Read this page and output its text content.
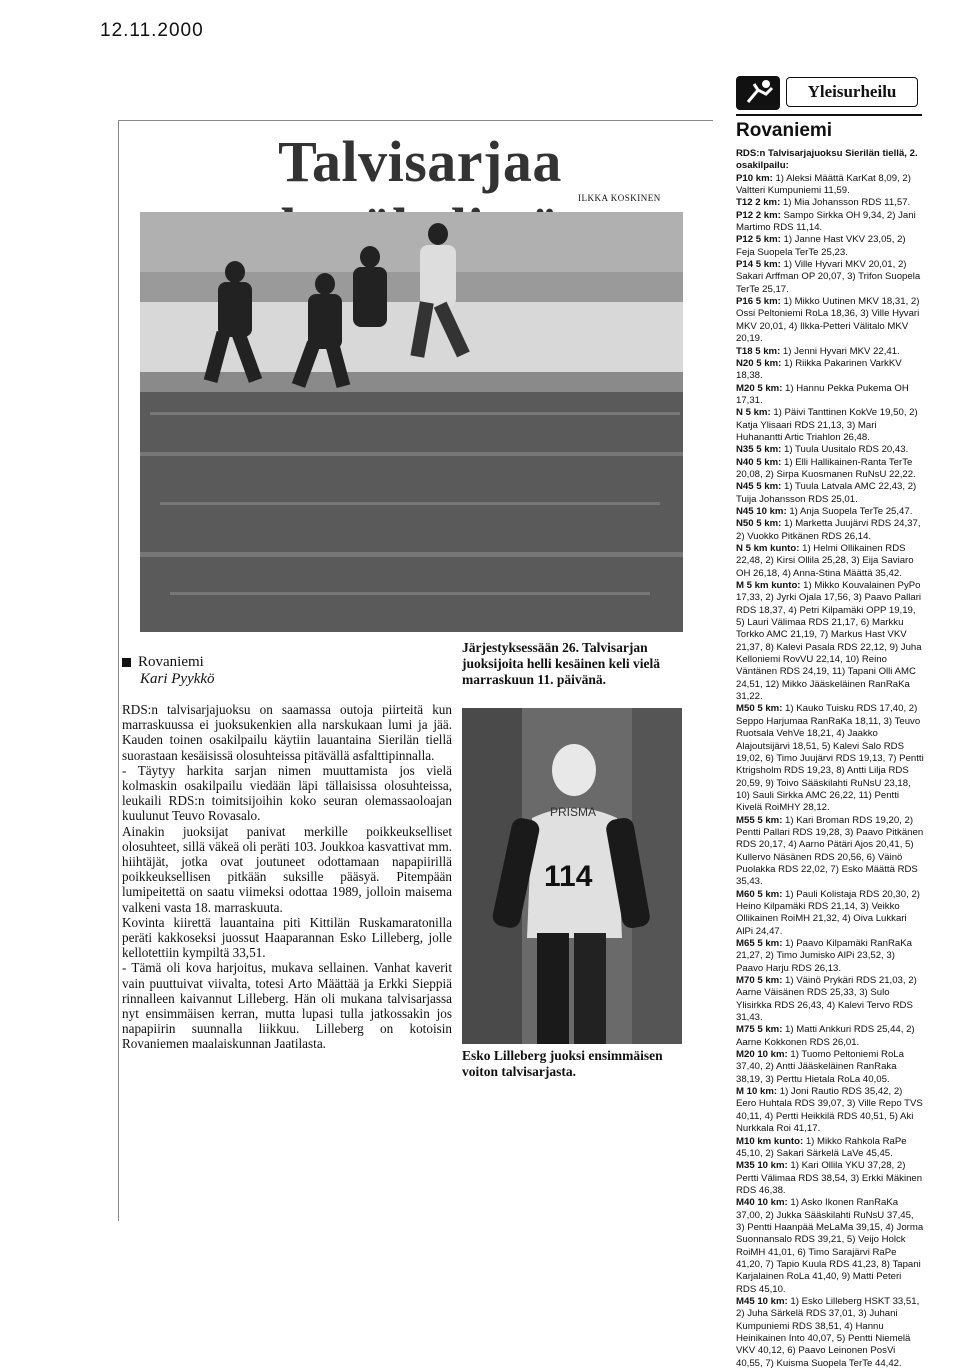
12.11.2000
Talvisarjaa
ILKKA KOSKINEN
Rovaniemi
Kari Pyykkö

RDS:n talvisarjajuoksu on saamassa outoja piirteitä kun marraskuussa ei juoksukenkien alla narskukaan lumi ja jää. Kauden toinen osakilpailu käytiin lauantaina Sierilän tiellä suorastaan kesäisissä olosuhteissa pitävällä asfalttipinnalla.

- Täytyy harkita sarjan nimen muuttamista jos vielä kolmaskin osakilpailu viedään läpi tällaisissa olosuhteissa, leukaili RDS:n toimitsijoihin koko seuran olemassaoloajan kuulunut Teuvo Rovasalo.

Ainakin juoksijat panivat merkille poikkeukselliset olosuhteet, sillä väkeä oli peräti 103. Joukkoa kasvattivat mm. hiihtäjät, jotka ovat joutuneet odottamaan napapiirillä poikkeuksellisen pitkään suksille pääsyä. Pitempään lumipeitettä on saatu viimeksi odottaa 1989, jolloin maisema valkeni vasta 18. marraskuuta.

Kovinta kiirettä lauantaina piti Kittilän Ruskamaratonilla peräti kakkoseksi juossut Haaparannan Esko Lilleberg, jolle kellotettiin kympiltä 33,51.

- Tämä oli kova harjoitus, mukava sellainen. Vanhat kaverit vain puuttuivat viivalta, totesi Arto Määttää ja Erkki Sieppiä rinnalleen kaivannut Lilleberg. Hän oli mukana talvisarjassa nyt ensimmäisen kerran, mutta lupasi tulla jatkossakin jos napapiirin suunnalla liikkuu. Lilleberg on kotoisin Rovaniemen maalaiskunnan Jaatilasta.

Järjestyksessään 26. Talvisarjan juoksijoita helli kesäinen keli vielä marraskuun 11. päivänä.
PRISMA
114
Esko Lilleberg juoksi ensimmäisen voiton talvisarjasta.
Yleisurheilu
Rovaniemi

RDS:n Talvisarjajuoksu Sierilän tiellä, 2. osakilpailu:

P10 km: 1) Aleksi Määttä KarKat 8,09, 2) Valtteri Kumpuniemi 11,59.

T12 2 km: 1) Mia Johansson RDS 11,57.

P12 2 km: Sampo Sirkka OH 9,34, 2) Jani Martimo RDS 11,14.

P12 5 km: 1) Janne Hast VKV 23,05, 2) Feja Suopela TerTe 25,23.

P14 5 km: 1) Ville Hyvari MKV 20,01, 2) Sakari Arffman OP 20,07, 3) Trifon Suopela TerTe 25,17.

P16 5 km: 1) Mikko Uutinen MKV 18,31, 2) Ossi Peltoniemi RoLa 18,36, 3) Ville Hyvari MKV 20,01, 4) Ilkka-Petteri Välitalo MKV 20,19.

T18 5 km: 1) Jenni Hyvari MKV 22,41.

N20 5 km: 1) Riikka Pakarinen VarkKV 18,38.

M20 5 km: 1) Hannu Pekka Pukema OH 17,31.

N 5 km: 1) Päivi Tanttinen KokVe 19,50, 2) Katja Ylisaari RDS 21,13, 3) Mari Huhanantti Artic Triahlon 26,48.

N35 5 km: 1) Tuula Uusitalo RDS 20,43.

N40 5 km: 1) Elli Hallikainen-Ranta TerTe 20,08, 2) Sirpa Kuosmanen RuNsU 22,22.

N45 5 km: 1) Tuula Latvala AMC 22,43, 2) Tuija Johansson RDS 25,01.

N45 10 km: 1) Anja Suopela TerTe 25,47.

N50 5 km: 1) Marketta Juujärvi RDS 24,37, 2) Vuokko Pitkänen RDS 26,14.

N 5 km kunto: 1) Helmi Ollikainen RDS 22,48, 2) Kirsi Ollila 25,28, 3) Eija Saviaro OH 26,18, 4) Anna-Stina Määttä 35,42.

M 5 km kunto: 1) Mikko Kouvalainen PyPo 17,33, 2) Jyrki Ojala 17,56, 3) Paavo Pallari RDS 18,37, 4) Petri Kilpamäki OPP 19,19, 5) Lauri Välimaa RDS 21,17, 6) Markku Torkko AMC 21,19, 7) Markus Hast VKV 21,37, 8) Kalevi Pasala RDS 22,12, 9) Juha Kelloniemi RovVU 22,14, 10) Reino Väntänen RDS 24,19, 11) Tapani Olli AMC 24,51, 12) Mikko Jääskeläinen RanRaKa 31,22.

M50 5 km: 1) Kauko Tuisku RDS 17,40, 2) Seppo Harjumaa RanRaKa 18,11, 3) Teuvo Ruotsala VehVe 18,21, 4) Jaakko Alajoutsijärvi 18,51, 5) Kalevi Salo RDS 19,02, 6) Timo Juujärvi RDS 19,13, 7) Pentti Ktrigsholm RDS 19,23, 8) Antti Lilja RDS 20,59, 9) Toivo Sääskilahti RuNsU 23,18, 10) Sauli Sirkka AMC 26,22, 11) Pentti Kivelä RoiMHY 28,12.

M55 5 km: 1) Kari Broman RDS 19,20, 2) Pentti Pallari RDS 19,28, 3) Paavo Pitkänen RDS 20,17, 4) Aarno Pätäri Ajos 20,41, 5) Kullervo Näsänen RDS 20,56, 6) Väinö Puolakka RDS 22,02, 7) Esko Määttä RDS 35,43.

M60 5 km: 1) Pauli Kolistaja RDS 20,30, 2) Heino Kilpamäki RDS 21,14, 3) Veikko Ollikainen RoiMH 21,32, 4) Oiva Lukkari AlPi 24,47.

M65 5 km: 1) Paavo Kilpamäki RanRaKa 21,27, 2) Timo Jumisko AlPi 23,52, 3) Paavo Harju RDS 26,13.

M70 5 km: 1) Väinö Prykäri RDS 21,03, 2) Aarne Väisänen RDS 25,33, 3) Sulo Ylisirkka RDS 26,43, 4) Kalevi Tervo RDS 31,43.

M75 5 km: 1) Matti Ankkuri RDS 25,44, 2) Aarne Kokkonen RDS 26,01.

M20 10 km: 1) Tuomo Peltoniemi RoLa 37,40, 2) Antti Jääskeläinen RanRaka 38,19, 3) Perttu Hietala RoLa 40,05.

M 10 km: 1) Joni Rautio RDS 35,42, 2) Eero Huhtala RDS 39,07, 3) Ville Repo TVS 40,11, 4) Pertti Heikkilä RDS 40,51, 5) Aki Nurkkala Roi 41,17.

M10 km kunto: 1) Mikko Rahkola RaPe 45,10, 2) Sakari Särkelä LaVe 45,45.

M35 10 km: 1) Kari Ollila YKU 37,28, 2) Pertti Välimaa RDS 38,54, 3) Erkki Mäkinen RDS 46,38.

M40 10 km: 1) Asko Ikonen RanRaKa 37,00, 2) Jukka Sääskilahti RuNsU 37,45, 3) Pentti Haanpää MeLaMa 39,15, 4) Jorma Suonnansalo RDS 39,21, 5) Veijo Holck RoiMH 41,01, 6) Timo Sarajärvi RaPe 41,20, 7) Tapio Kuula RDS 41,23, 8) Tapani Karjalainen RoLa 41,40, 9) Matti Peteri RDS 45,10.

M45 10 km: 1) Esko Lilleberg HSKT 33,51, 2) Juha Särkelä RDS 37,01, 3) Juhani Kumpuniemi RDS 38,51, 4) Hannu Heinikainen Into 40,07, 5) Pentti Niemelä VKV 40,12, 6) Paavo Leinonen PosVi 40,55, 7) Kuisma Suopela TerTe 44,42.
